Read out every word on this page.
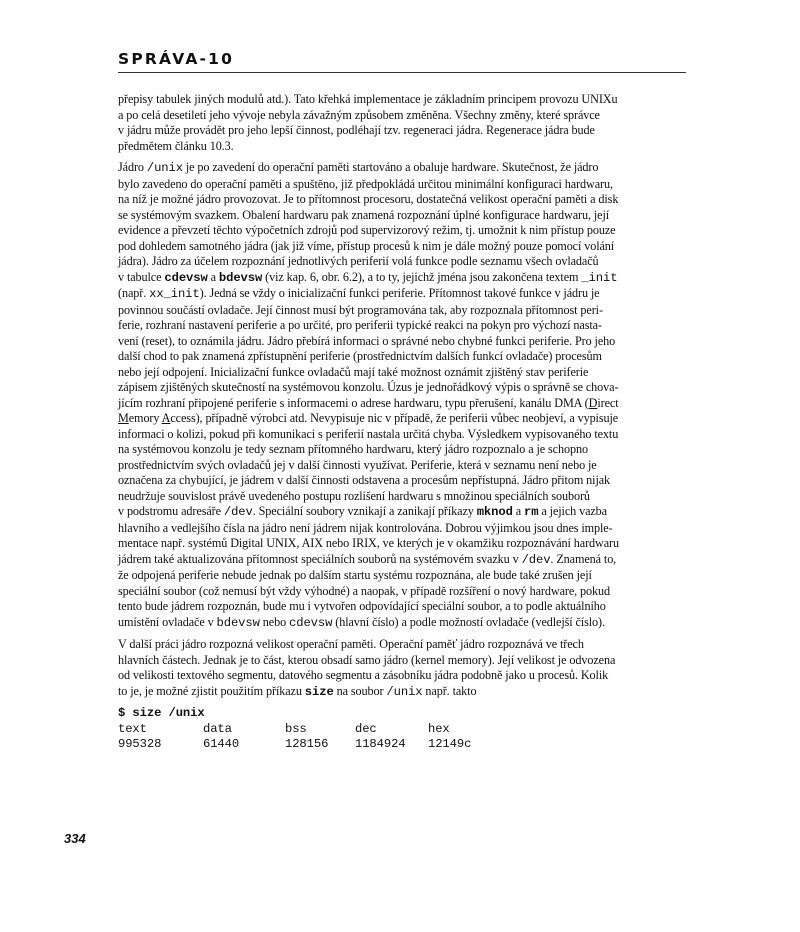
SPRÁVA-10

přepisy tabulek jiných modulů atd.). Tato křehká implementace je základním principem provozu UNIXu
a po celá desetiletí jeho vývoje nebyla závažným způsobem změněna. Všechny změny, které správce
v jádru může provádět pro jeho lepší činnost, podléhají tzv. regeneraci jádra. Regenerace jádra bude
předmětem článku 10.3.

Jádro /unix je po zavedení do operační paměti startováno a obaluje hardware. Skutečnost, že jádro
bylo zavedeno do operační paměti a spuštěno, již předpokládá určitou minimální konfiguraci hardwaru,
na níž je možné jádro provozovat. Je to přítomnost procesoru, dostatečná velikost operační paměti a disk
se systémovým svazkem. Obalení hardwaru pak znamená rozpoznání úplné konfigurace hardwaru, její
evidence a převzetí těchto výpočetních zdrojů pod supervizorový režim, tj. umožnit k nim přístup pouze
pod dohledem samotného jádra (jak již víme, přístup procesů k nim je dále možný pouze pomocí volání
jádra). Jádro za účelem rozpoznání jednotlivých periferií volá funkce podle seznamu všech ovladačů
v tabulce cdevsw a bdevsw (viz kap. 6, obr. 6.2), a to ty, jejichž jména jsou zakončena textem _init
(např. xx_init). Jedná se vždy o inicializační funkci periferie. Přítomnost takové funkce v jádru je
povinnou součástí ovladače. Její činnost musí být programována tak, aby rozpoznala přítomnost peri-
ferie, rozhraní nastavení periferie a po určité, pro periferii typické reakci na pokyn pro výchozí nasta-
vení (reset), to oznámila jádru. Jádro přebírá informaci o správné nebo chybné funkci periferie. Pro jeho
další chod to pak znamená zpřístupnění periferie (prostřednictvím dalších funkcí ovladače) procesům
nebo její odpojení. Inicializační funkce ovladačů mají také možnost oznámit zjištěný stav periferie
zápisem zjištěných skutečností na systémovou konzolu. Úzus je jednořádkový výpis o správně se chova-
jícím rozhraní připojené periferie s informacemi o adrese hardwaru, typu přerušení, kanálu DMA (Direct
Memory Access), případně výrobci atd. Nevypisuje nic v případě, že periferii vůbec neobjeví, a vypisuje
informaci o kolizi, pokud při komunikaci s periferií nastala určitá chyba. Výsledkem vypisovaného textu
na systémovou konzolu je tedy seznam přítomného hardwaru, který jádro rozpoznalo a je schopno
prostřednictvím svých ovladačů jej v další činnosti využívat. Periferie, která v seznamu není nebo je
označena za chybující, je jádrem v další činnosti odstavena a procesům nepřístupná. Jádro přitom nijak
neudržuje souvislost právě uvedeného postupu rozlišení hardwaru s množinou speciálních souborů
v podstromu adresáře /dev. Speciální soubory vznikají a zanikají příkazy mknod a rm a jejich vazba
hlavního a vedlejšího čísla na jádro není jádrem nijak kontrolována. Dobrou výjimkou jsou dnes imple-
mentace např. systémů Digital UNIX, AIX nebo IRIX, ve kterých je v okamžiku rozpoznávání hardwaru
jádrem také aktualizována přítomnost speciálních souborů na systémovém svazku v /dev. Znamená to,
že odpojená periferie nebude jednak po dalším startu systému rozpoznána, ale bude také zrušen její
speciální soubor (což nemusí být vždy výhodné) a naopak, v případě rozšíření o nový hardware, pokud
tento bude jádrem rozpoznán, bude mu i vytvořen odpovídající speciální soubor, a to podle aktuálního
umístění ovladače v bdevsw nebo cdevsw (hlavní číslo) a podle možností ovladače (vedlejší číslo).

V další práci jádro rozpozná velikost operační paměti. Operační paměť jádro rozpoznává ve třech
hlavních částech. Jednak je to část, kterou obsadí samo jádro (kernel memory). Její velikost je odvozena
od velikosti textového segmentu, datového segmentu a zásobníku jádra podobně jako u procesů. Kolik
to je, je možné zjistit použitím příkazu size na soubor /unix např. takto

$ size /unix
text	data	bss	dec	hex
995328	61440	128156	1184924	12149c
334
